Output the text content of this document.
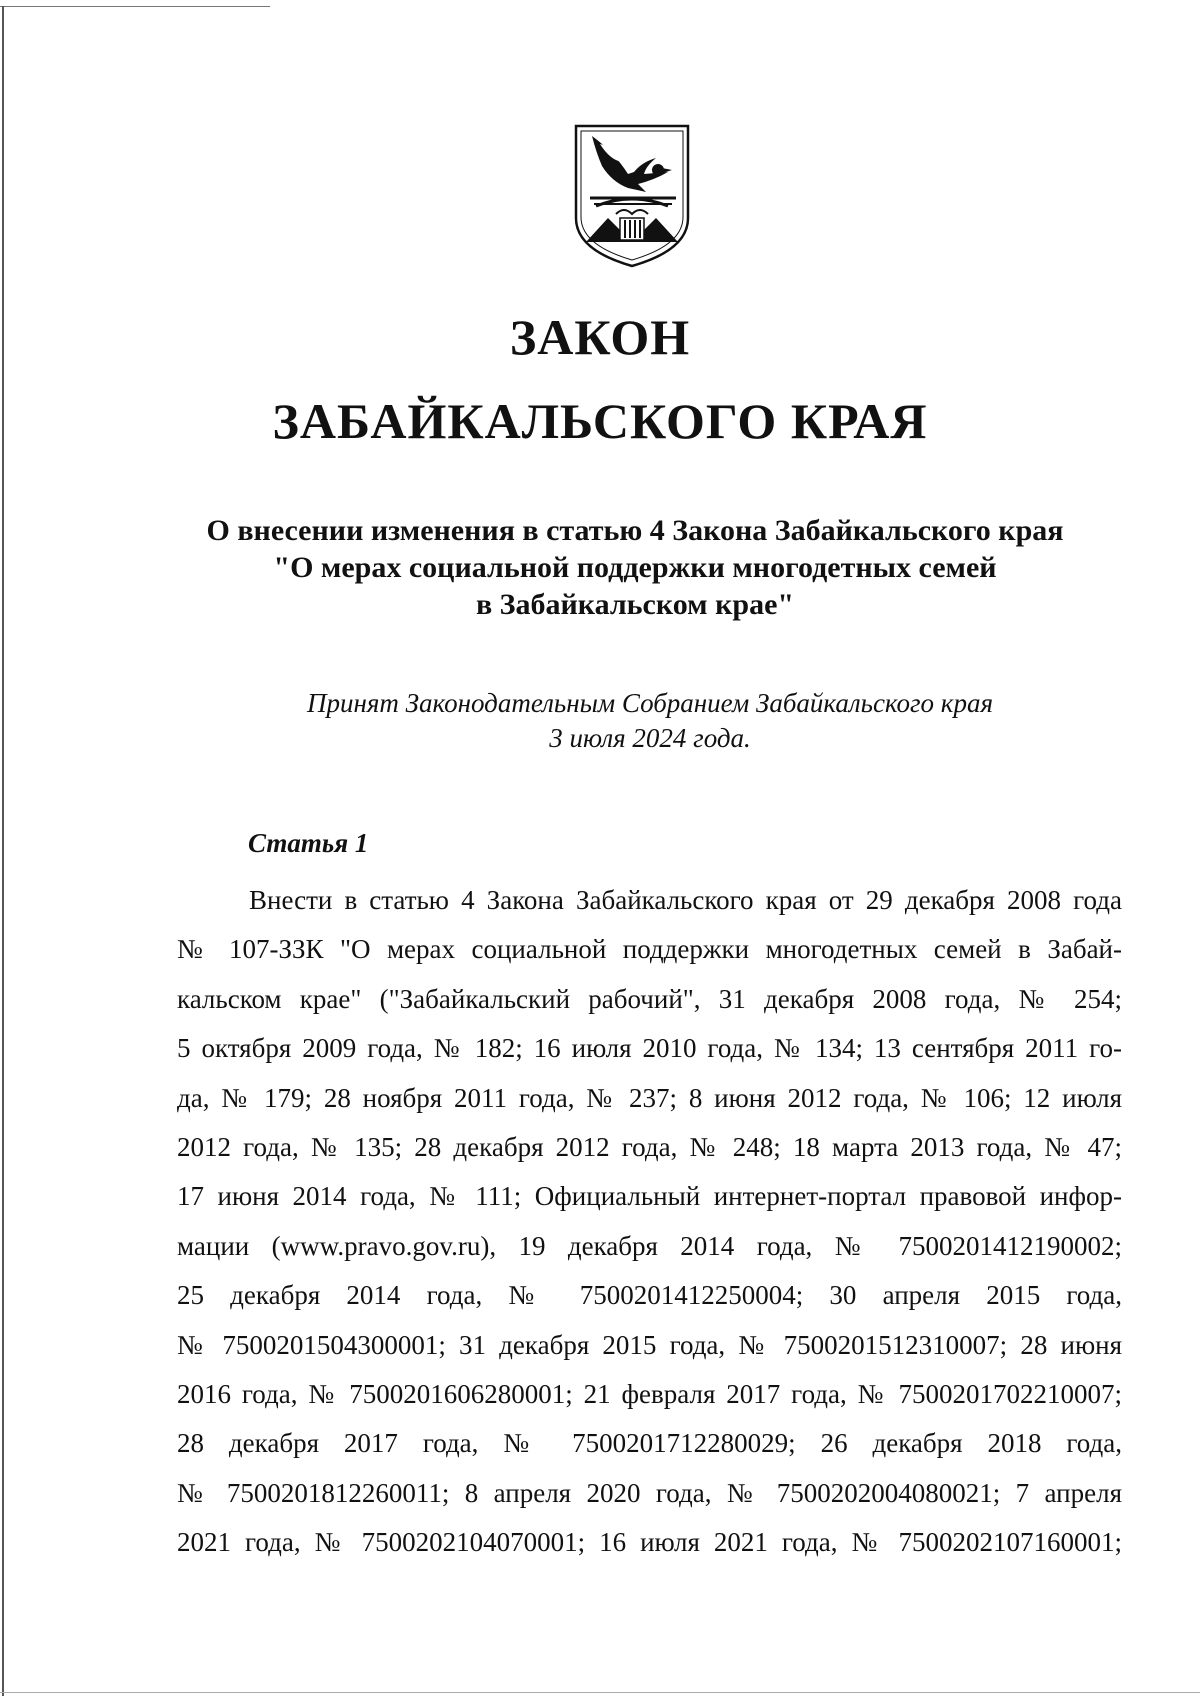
ЗАКОН
ЗАБАЙКАЛЬСКОГО КРАЯ
О внесении изменения в статью 4 Закона Забайкальского края
"О мерах социальной поддержки многодетных семей
в Забайкальском крае"
Принят Законодательным Собранием Забайкальского края
3 июля 2024 года.
Статья 1
Внести в статью 4 Закона Забайкальского края от 29 декабря 2008 года
№ 107-ЗЗК "О мерах социальной поддержки многодетных семей в Забай-
кальском крае" ("Забайкальский рабочий", 31 декабря 2008 года, № 254;
5 октября 2009 года, № 182; 16 июля 2010 года, № 134; 13 сентября 2011 го-
да, № 179; 28 ноября 2011 года, № 237; 8 июня 2012 года, № 106; 12 июля
2012 года, № 135; 28 декабря 2012 года, № 248; 18 марта 2013 года, № 47;
17 июня 2014 года, № 111; Официальный интернет-портал правовой инфор-
мации (www.pravo.gov.ru), 19 декабря 2014 года, № 7500201412190002;
25 декабря 2014 года, № 7500201412250004; 30 апреля 2015 года,
№ 7500201504300001; 31 декабря 2015 года, № 7500201512310007; 28 июня
2016 года, № 7500201606280001; 21 февраля 2017 года, № 7500201702210007;
28 декабря 2017 года, № 7500201712280029; 26 декабря 2018 года,
№ 7500201812260011; 8 апреля 2020 года, № 7500202004080021; 7 апреля
2021 года, № 7500202104070001; 16 июля 2021 года, № 7500202107160001;
